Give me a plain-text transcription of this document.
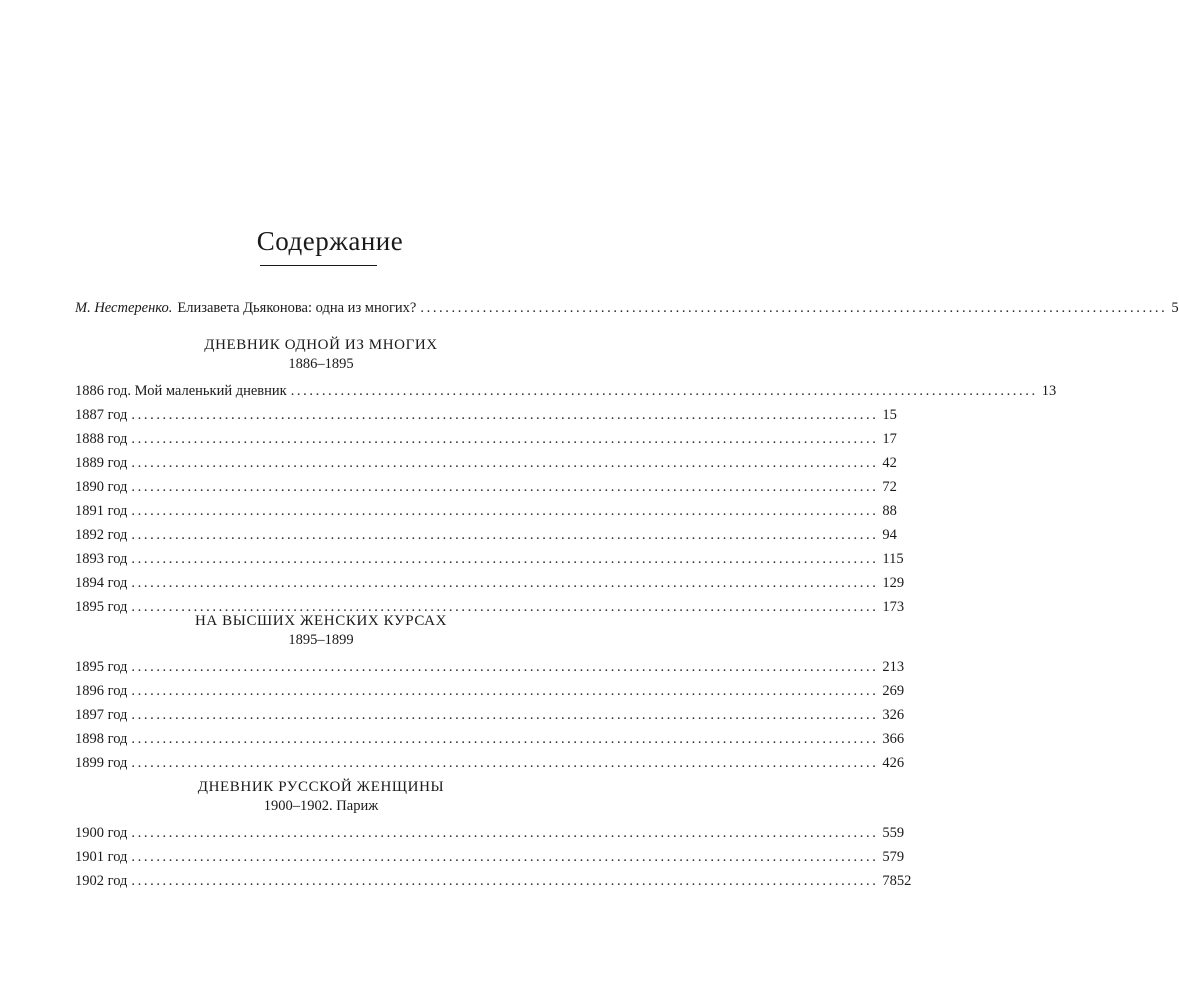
Содержание
М. Нестеренко. Елизавета Дьяконова: одна из многих? ........................................................................................................................ 5
ДНЕВНИК ОДНОЙ ИЗ МНОГИХ
1886–1895
1886 год. Мой маленький дневник ........................................................................................................................ 13
1887 год ........................................................................................................................ 15
1888 год ........................................................................................................................ 17
1889 год ........................................................................................................................ 42
1890 год ........................................................................................................................ 72
1891 год ........................................................................................................................ 88
1892 год ........................................................................................................................ 94
1893 год ........................................................................................................................ 115
1894 год ........................................................................................................................ 129
1895 год ........................................................................................................................ 173
НА ВЫСШИХ ЖЕНСКИХ КУРСАХ
1895–1899
1895 год ........................................................................................................................ 213
1896 год ........................................................................................................................ 269
1897 год ........................................................................................................................ 326
1898 год ........................................................................................................................ 366
1899 год ........................................................................................................................ 426
ДНЕВНИК РУССКОЙ ЖЕНЩИНЫ
1900–1902. Париж
1900 год ........................................................................................................................ 559
1901 год ........................................................................................................................ 579
1902 год ........................................................................................................................ 7852
